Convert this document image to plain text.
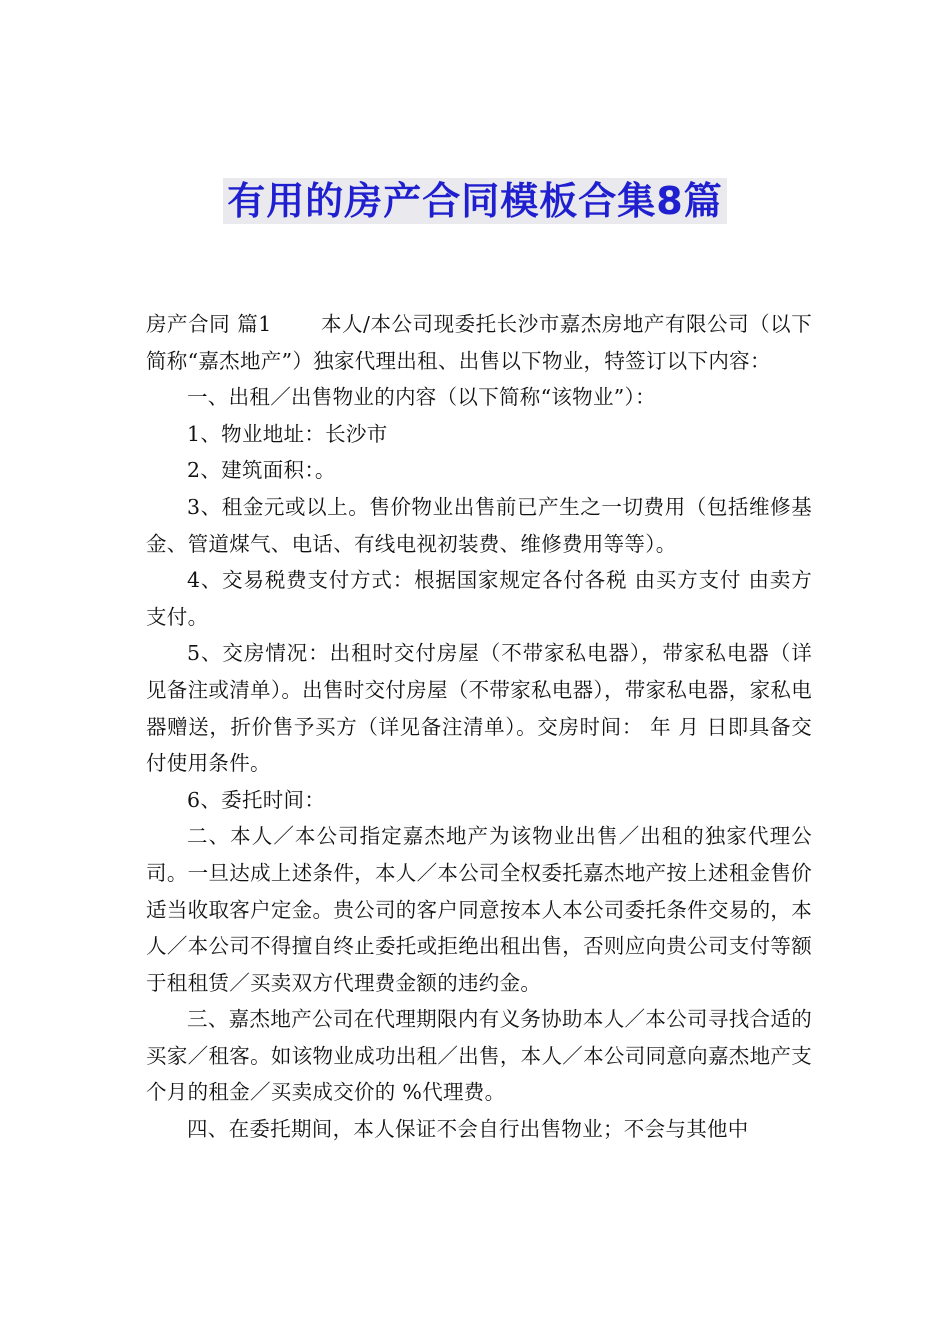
有用的房产合同模板合集8篇

房产合同 篇1　　 本人/本公司现委托长沙市嘉杰房地产有限公司（以下简称“嘉杰地产”）独家代理出租、出售以下物业，特签订以下内容：

一、出租／出售物业的内容（以下简称“该物业”）：

1、物业地址：长沙市

2、建筑面积：。

3、租金元或以上。售价物业出售前已产生之一切费用（包括维修基金、管道煤气、电话、有线电视初装费、维修费用等等）。

4、交易税费支付方式：根据国家规定各付各税 由买方支付 由卖方支付。

5、交房情况：出租时交付房屋（不带家私电器），带家私电器（详见备注或清单）。出售时交付房屋（不带家私电器），带家私电器，家私电器赠送，折价售予买方（详见备注清单）。交房时间： 年 月 日即具备交付使用条件。

6、委托时间：

二、本人／本公司指定嘉杰地产为该物业出售／出租的独家代理公司。一旦达成上述条件，本人／本公司全权委托嘉杰地产按上述租金售价适当收取客户定金。贵公司的客户同意按本人本公司委托条件交易的，本人／本公司不得擅自终止委托或拒绝出租出售，否则应向贵公司支付等额于租租赁／买卖双方代理费金额的违约金。

三、嘉杰地产公司在代理期限内有义务协助本人／本公司寻找合适的买家／租客。如该物业成功出租／出售，本人／本公司同意向嘉杰地产支 个月的租金／买卖成交价的 %代理费。

四、在委托期间，本人保证不会自行出售物业；不会与其他中
